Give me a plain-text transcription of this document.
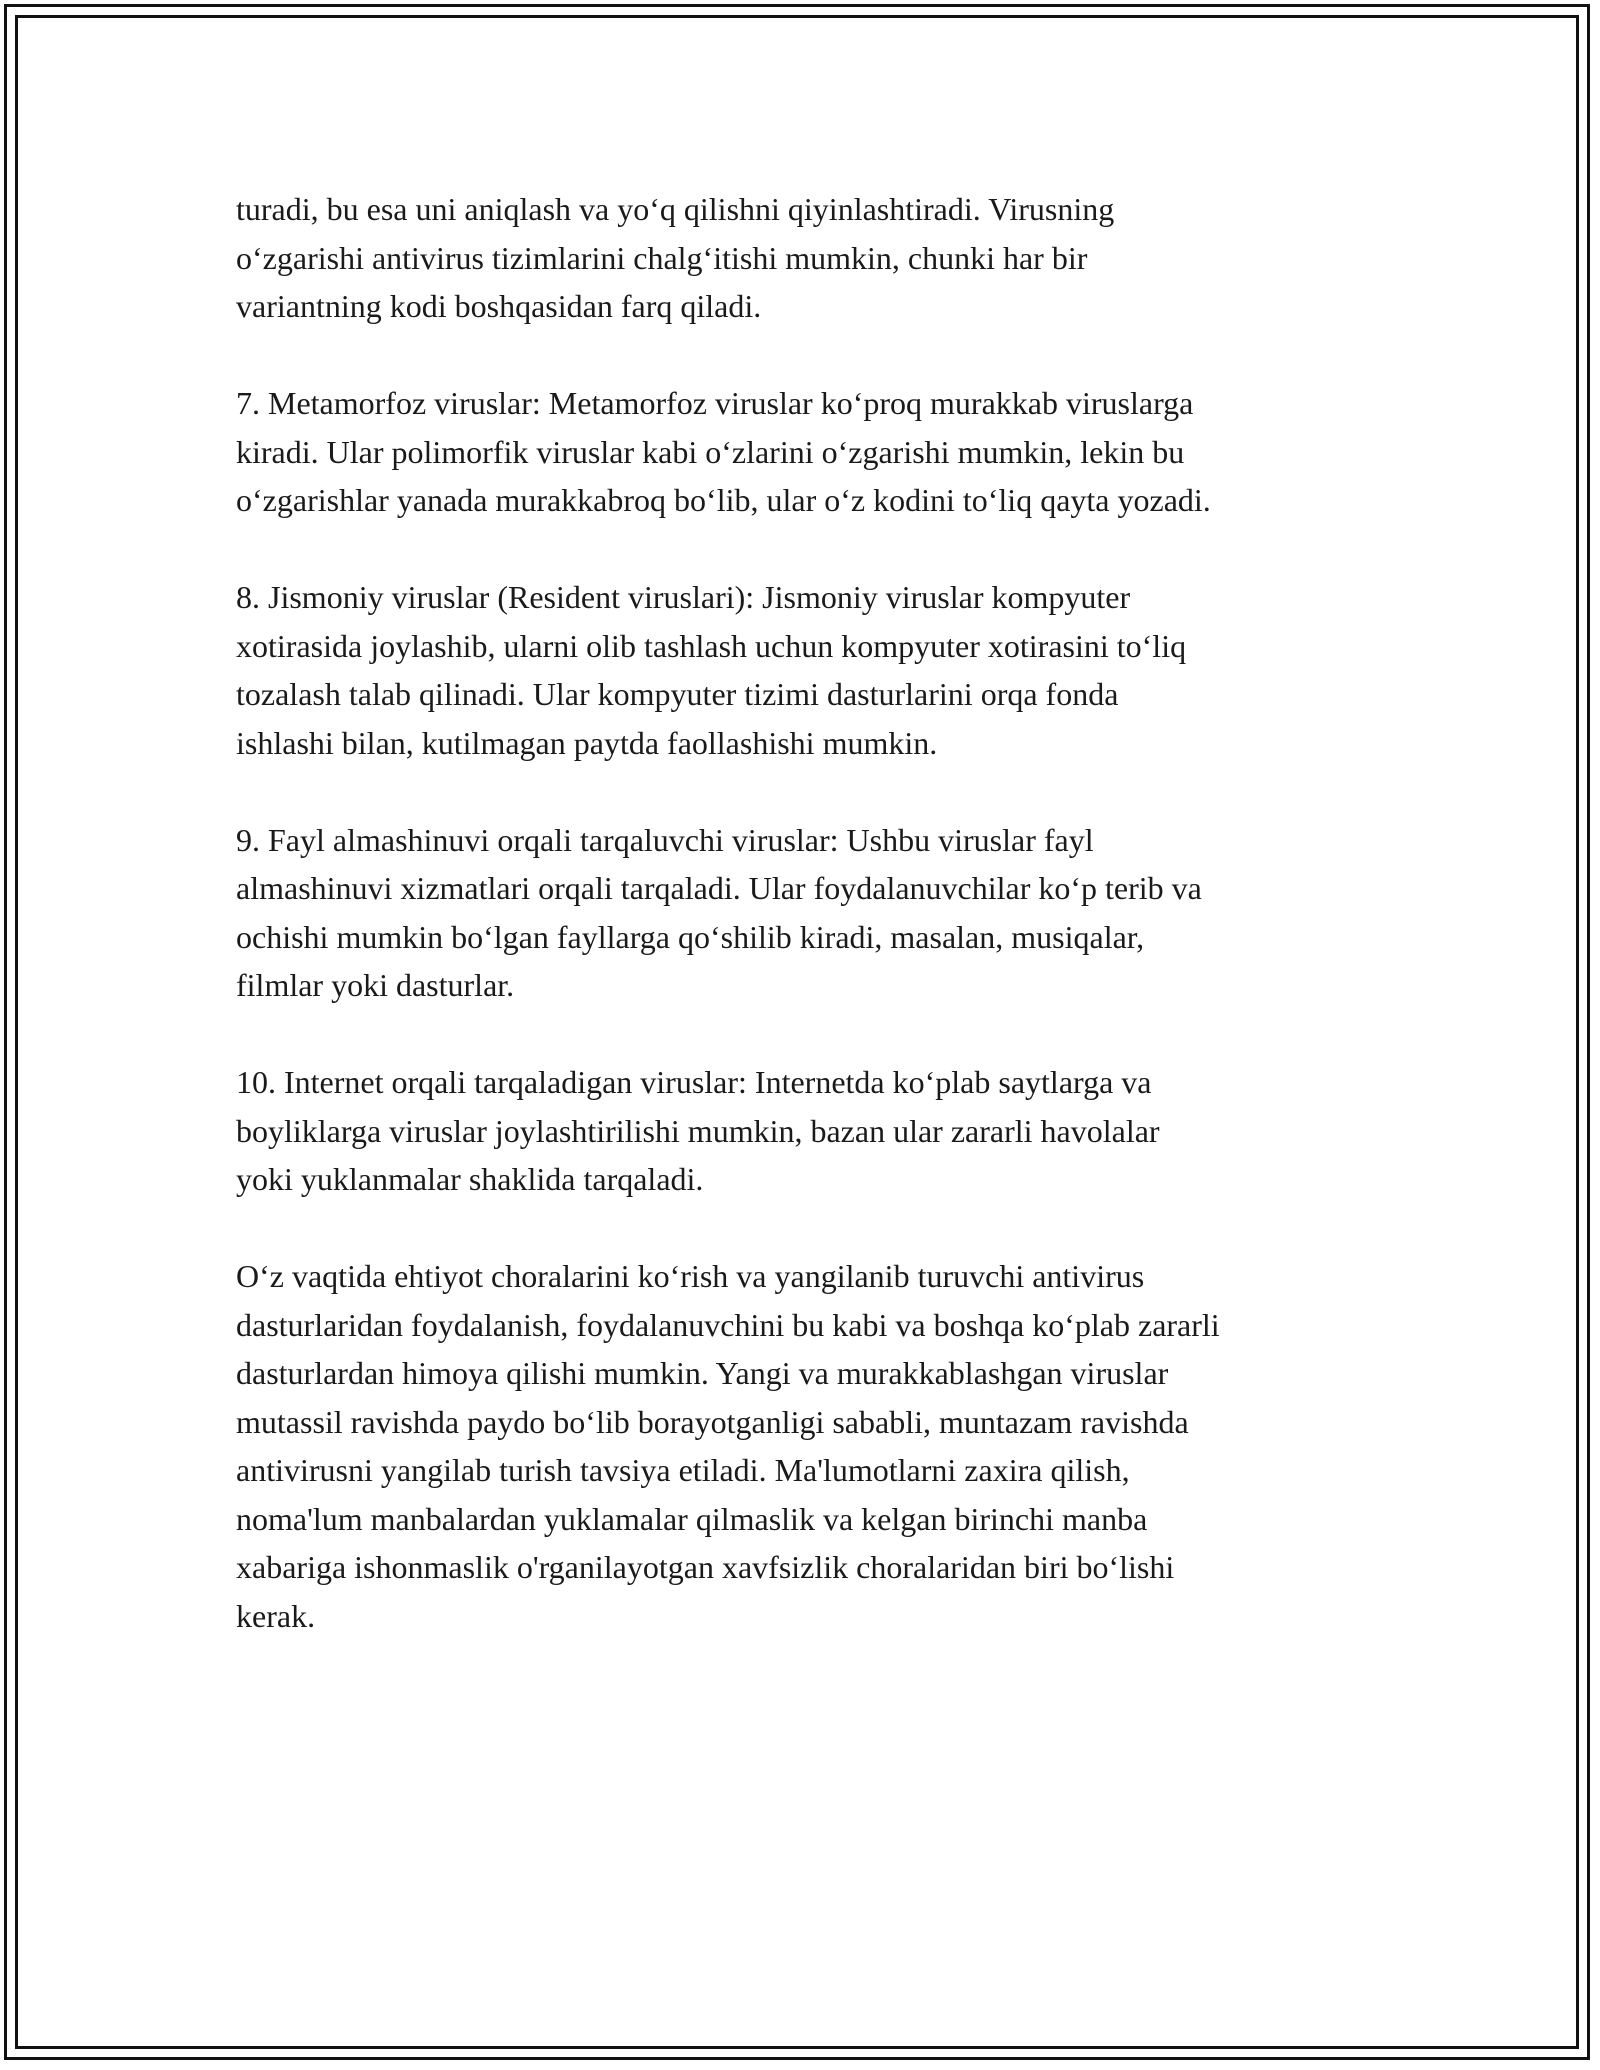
turadi, bu esa uni aniqlash va yo‘q qilishni qiyinlashtiradi. Virusning
o‘zgarishi antivirus tizimlarini chalg‘itishi mumkin, chunki har bir
variantning kodi boshqasidan farq qiladi.

7. Metamorfoz viruslar: Metamorfoz viruslar ko‘proq murakkab viruslarga
kiradi. Ular polimorfik viruslar kabi o‘zlarini o‘zgarishi mumkin, lekin bu
o‘zgarishlar yanada murakkabroq bo‘lib, ular o‘z kodini to‘liq qayta yozadi.

8. Jismoniy viruslar (Resident viruslari): Jismoniy viruslar kompyuter
xotirasida joylashib, ularni olib tashlash uchun kompyuter xotirasini to‘liq
tozalash talab qilinadi. Ular kompyuter tizimi dasturlarini orqa fonda
ishlashi bilan, kutilmagan paytda faollashishi mumkin.

9. Fayl almashinuvi orqali tarqaluvchi viruslar: Ushbu viruslar fayl
almashinuvi xizmatlari orqali tarqaladi. Ular foydalanuvchilar ko‘p terib va
ochishi mumkin bo‘lgan fayllarga qo‘shilib kiradi, masalan, musiqalar,
filmlar yoki dasturlar.

10. Internet orqali tarqaladigan viruslar: Internetda ko‘plab saytlarga va
boyliklarga viruslar joylashtirilishi mumkin, bazan ular zararli havolalar
yoki yuklanmalar shaklida tarqaladi.

O‘z vaqtida ehtiyot choralarini ko‘rish va yangilanib turuvchi antivirus
dasturlaridan foydalanish, foydalanuvchini bu kabi va boshqa ko‘plab zararli
dasturlardan himoya qilishi mumkin. Yangi va murakkablashgan viruslar
mutassil ravishda paydo bo‘lib borayotganligi sababli, muntazam ravishda
antivirusni yangilab turish tavsiya etiladi. Ma'lumotlarni zaxira qilish,
noma'lum manbalardan yuklamalar qilmaslik va kelgan birinchi manba
xabariga ishonmaslik o'rganilayotgan xavfsizlik choralaridan biri bo‘lishi
kerak.
